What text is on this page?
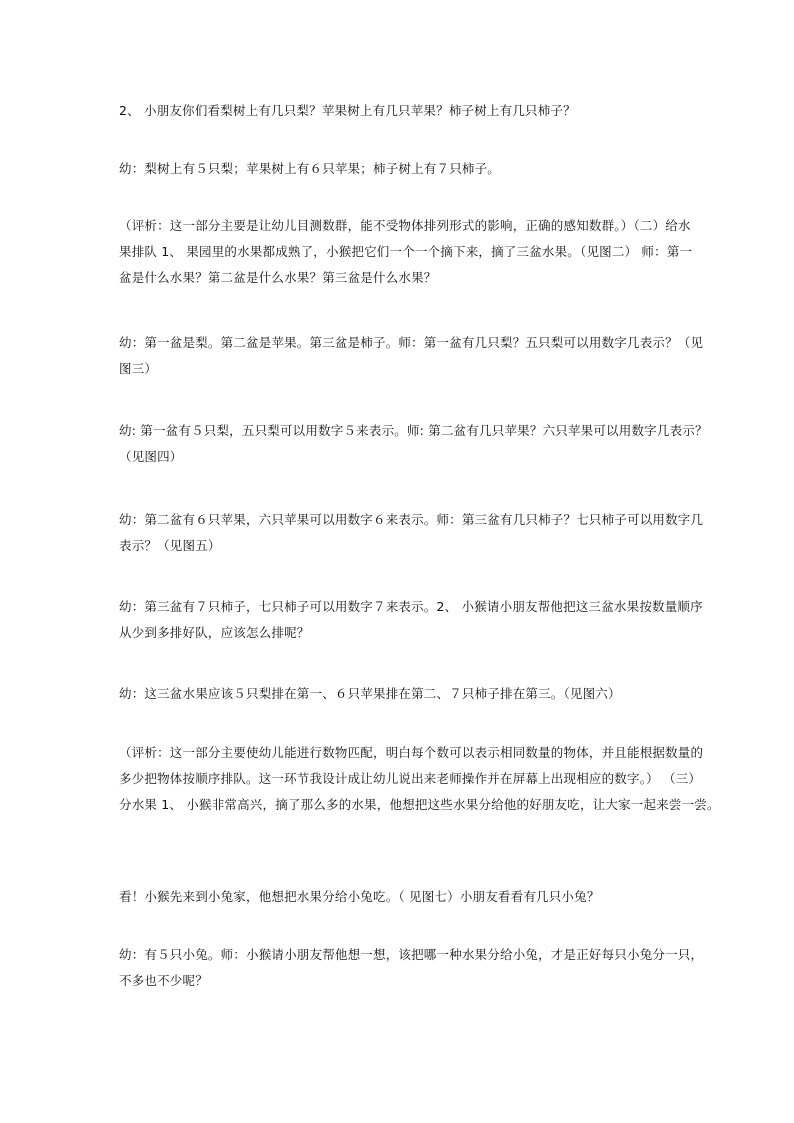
2、 小朋友你们看梨树上有几只梨？苹果树上有几只苹果？柿子树上有几只柿子？
幼：梨树上有５只梨；苹果树上有６只苹果；柿子树上有７只柿子。
（评析：这一部分主要是让幼儿目测数群，能不受物体排列形式的影响，正确的感知数群。）（二）给水
果排队 1、 果园里的水果都成熟了，小猴把它们一个一个摘下来，摘了三盆水果。（见图二） 师：第一
盆是什么水果？第二盆是什么水果？第三盆是什么水果？
幼：第一盆是梨。第二盆是苹果。第三盆是柿子。师：第一盆有几只梨？五只梨可以用数字几表示？（见
图三）
幼: 第一盆有５只梨，五只梨可以用数字５来表示。师: 第二盆有几只苹果？六只苹果可以用数字几表示？
（见图四）
幼：第二盆有６只苹果，六只苹果可以用数字６来表示。师：第三盆有几只柿子？七只柿子可以用数字几
表示？（见图五）
幼：第三盆有７只柿子，七只柿子可以用数字７来表示。2、 小猴请小朋友帮他把这三盆水果按数量顺序
从少到多排好队，应该怎么排呢？
幼：这三盆水果应该５只梨排在第一、６只苹果排在第二、７只柿子排在第三。（见图六）
（评析：这一部分主要使幼儿能进行数物匹配，明白每个数可以表示相同数量的物体，并且能根据数量的
多少把物体按顺序排队。这一环节我设计成让幼儿说出来老师操作并在屏幕上出现相应的数字。） （三）
分水果 1、 小猴非常高兴，摘了那么多的水果，他想把这些水果分给他的好朋友吃，让大家一起来尝一尝。
看！小猴先来到小兔家，他想把水果分给小兔吃。（ 见图七）小朋友看看有几只小兔？
幼：有５只小兔。师：小猴请小朋友帮他想一想，该把哪一种水果分给小兔，才是正好每只小兔分一只，
不多也不少呢？
